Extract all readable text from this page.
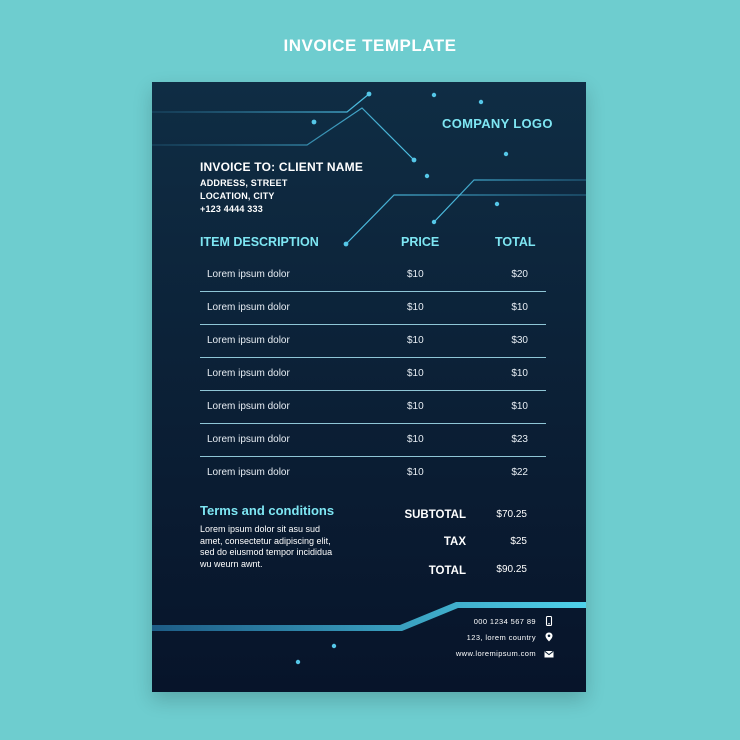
INVOICE TEMPLATE
COMPANY LOGO
INVOICE TO: CLIENT NAME
ADDRESS, STREET
LOCATION, CITY
+123 4444 333
ITEM DESCRIPTION	PRICE	TOTAL
Lorem ipsum dolor	$10	$20
Lorem ipsum dolor	$10	$10
Lorem ipsum dolor	$10	$30
Lorem ipsum dolor	$10	$10
Lorem ipsum dolor	$10	$10
Lorem ipsum dolor	$10	$23
Lorem ipsum dolor	$10	$22
Terms and conditions
Lorem ipsum dolor sit asu sud amet, consectetur adipiscing elit, sed do eiusmod tempor incididua wu weurn awnt.
SUBTOTAL	$70.25
TAX	$25
TOTAL	$90.25
000 1234 567 89
123, lorem country
www.loremipsum.com
